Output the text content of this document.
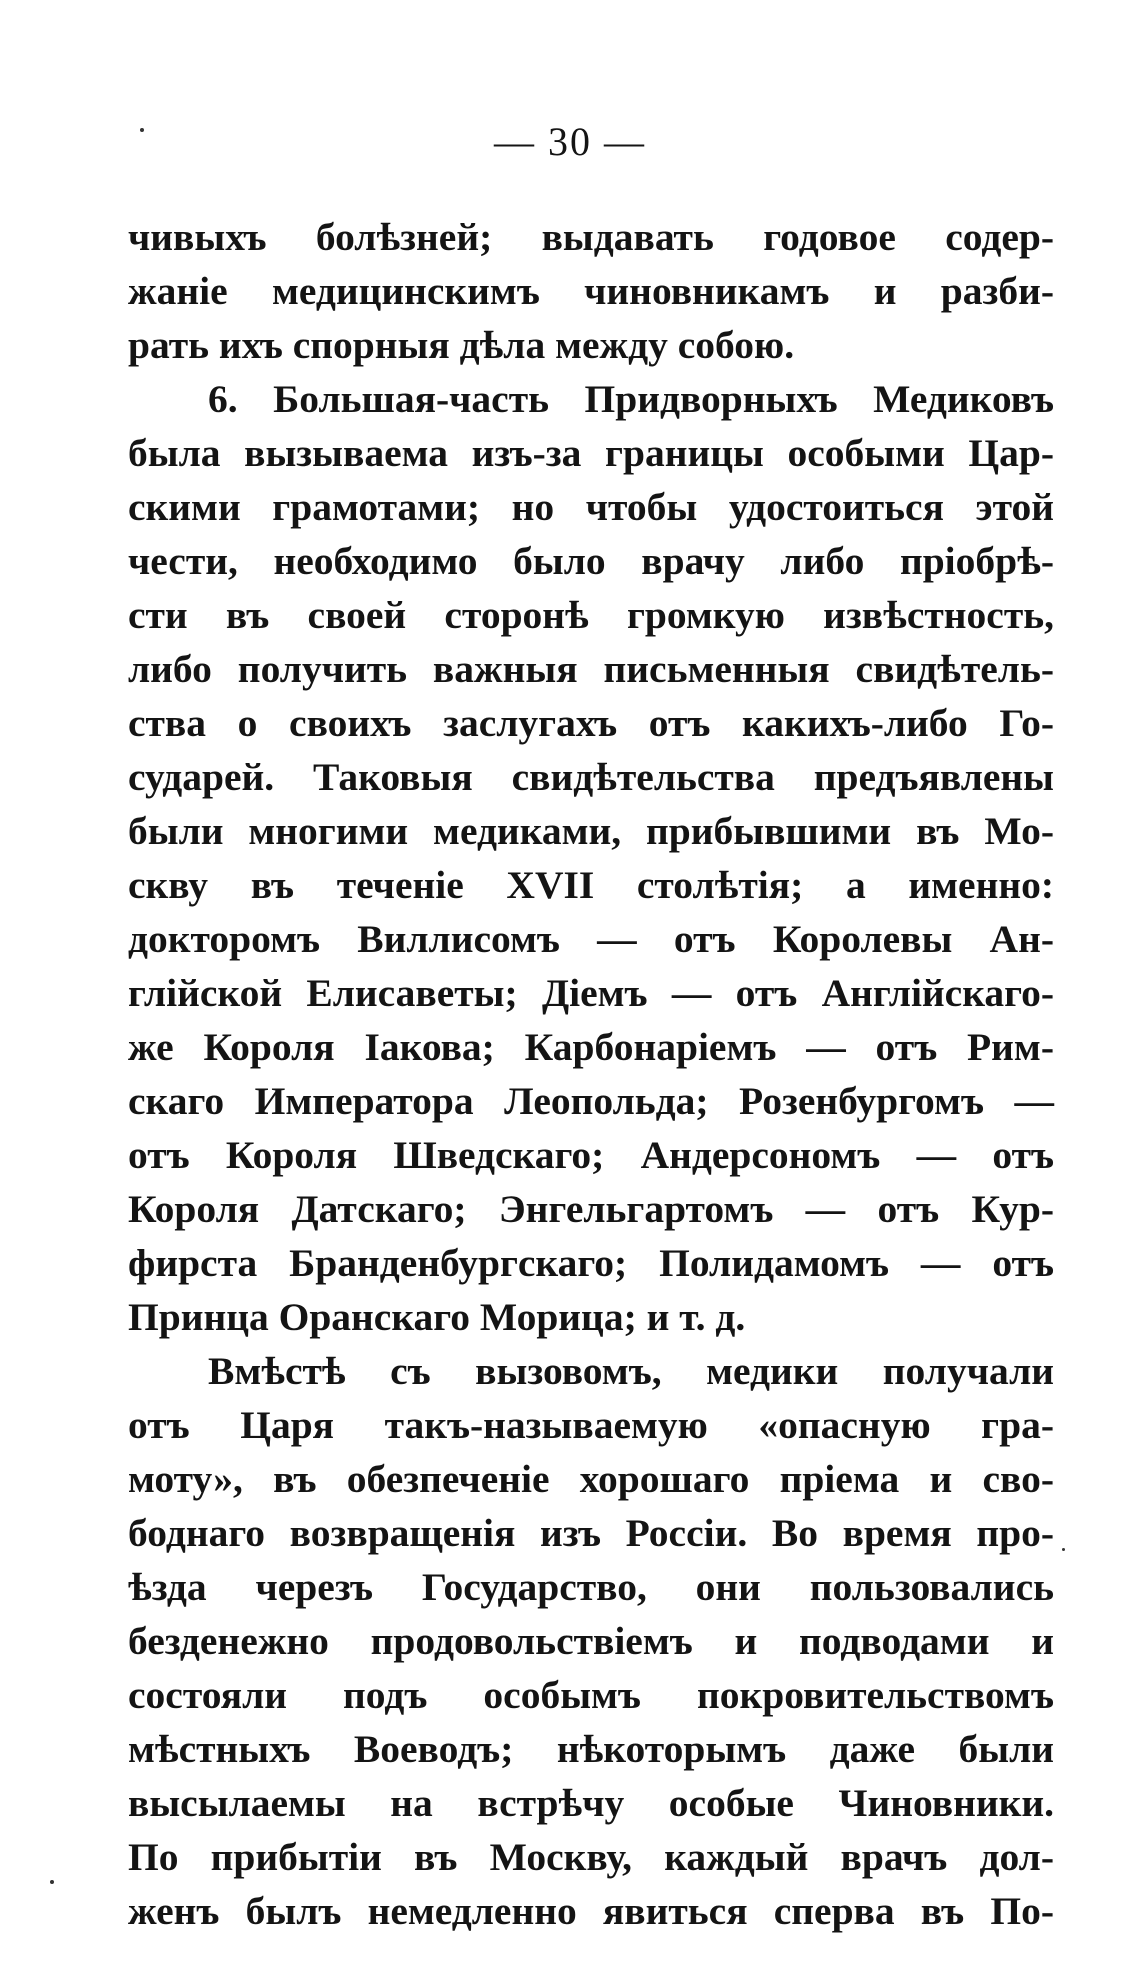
— 30 —
чивыхъ болѣзней; выдавать годовое содер-
жаніе медицинскимъ чиновникамъ и разби-
рать ихъ спорныя дѣла между собою.
6. Большая-часть Придворныхъ Медиковъ
была вызываема изъ-за границы особыми Цар-
скими грамотами; но чтобы удостоиться этой
чести, необходимо было врачу либо пріобрѣ-
сти въ своей сторонѣ громкую извѣстность,
либо получить важныя письменныя свидѣтель-
ства о своихъ заслугахъ отъ какихъ-либо Го-
сударей. Таковыя свидѣтельства предъявлены
были многими медиками, прибывшими въ Мо-
скву въ теченіе XVII столѣтія; а именно:
докторомъ Виллисомъ — отъ Королевы Ан-
глійской Елисаветы; Діемъ — отъ Англійскаго-
же Короля Іакова; Карбонаріемъ — отъ Рим-
скаго Императора Леопольда; Розенбургомъ —
отъ Короля Шведскаго; Андерсономъ — отъ
Короля Датскаго; Энгельгартомъ — отъ Кур-
фирста Бранденбургскаго; Полидамомъ — отъ
Принца Оранскаго Морица; и т. д.
Вмѣстѣ съ вызовомъ, медики получали
отъ Царя такъ-называемую «опасную гра-
моту», въ обезпеченіе хорошаго пріема и сво-
боднаго возвращенія изъ Россіи. Во время про-
ѣзда черезъ Государство, они пользовались
безденежно продовольствіемъ и подводами и
состояли подъ особымъ покровительствомъ
мѣстныхъ Воеводъ; нѣкоторымъ даже были
высылаемы на встрѣчу особые Чиновники.
По прибытіи въ Москву, каждый врачъ дол-
женъ былъ немедленно явиться сперва въ По-
